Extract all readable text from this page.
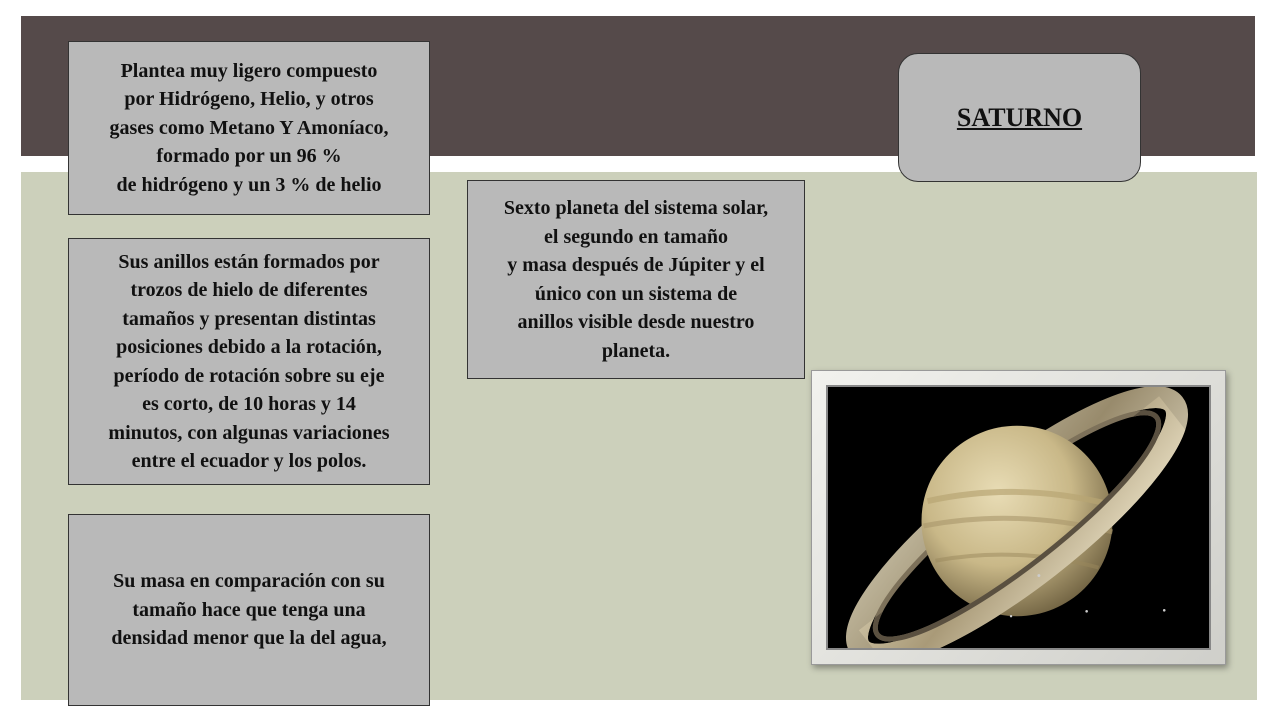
Plantea muy ligero compuesto
por Hidrógeno, Helio, y otros
gases como Metano Y Amoníaco,
formado por un 96 %
de hidrógeno y un 3 % de helio
Sus anillos están formados por
trozos de hielo de diferentes
tamaños y presentan distintas
posiciones debido a la rotación,
período de rotación sobre su eje
es corto, de 10 horas y 14
minutos, con algunas variaciones
entre el ecuador y los polos.
Su masa en comparación con su
tamaño hace que tenga una
densidad menor que la del agua,
Sexto planeta del sistema solar,
el segundo en tamaño
y masa después de Júpiter y el
único con un sistema de
anillos visible desde nuestro
planeta.
SATURNO
